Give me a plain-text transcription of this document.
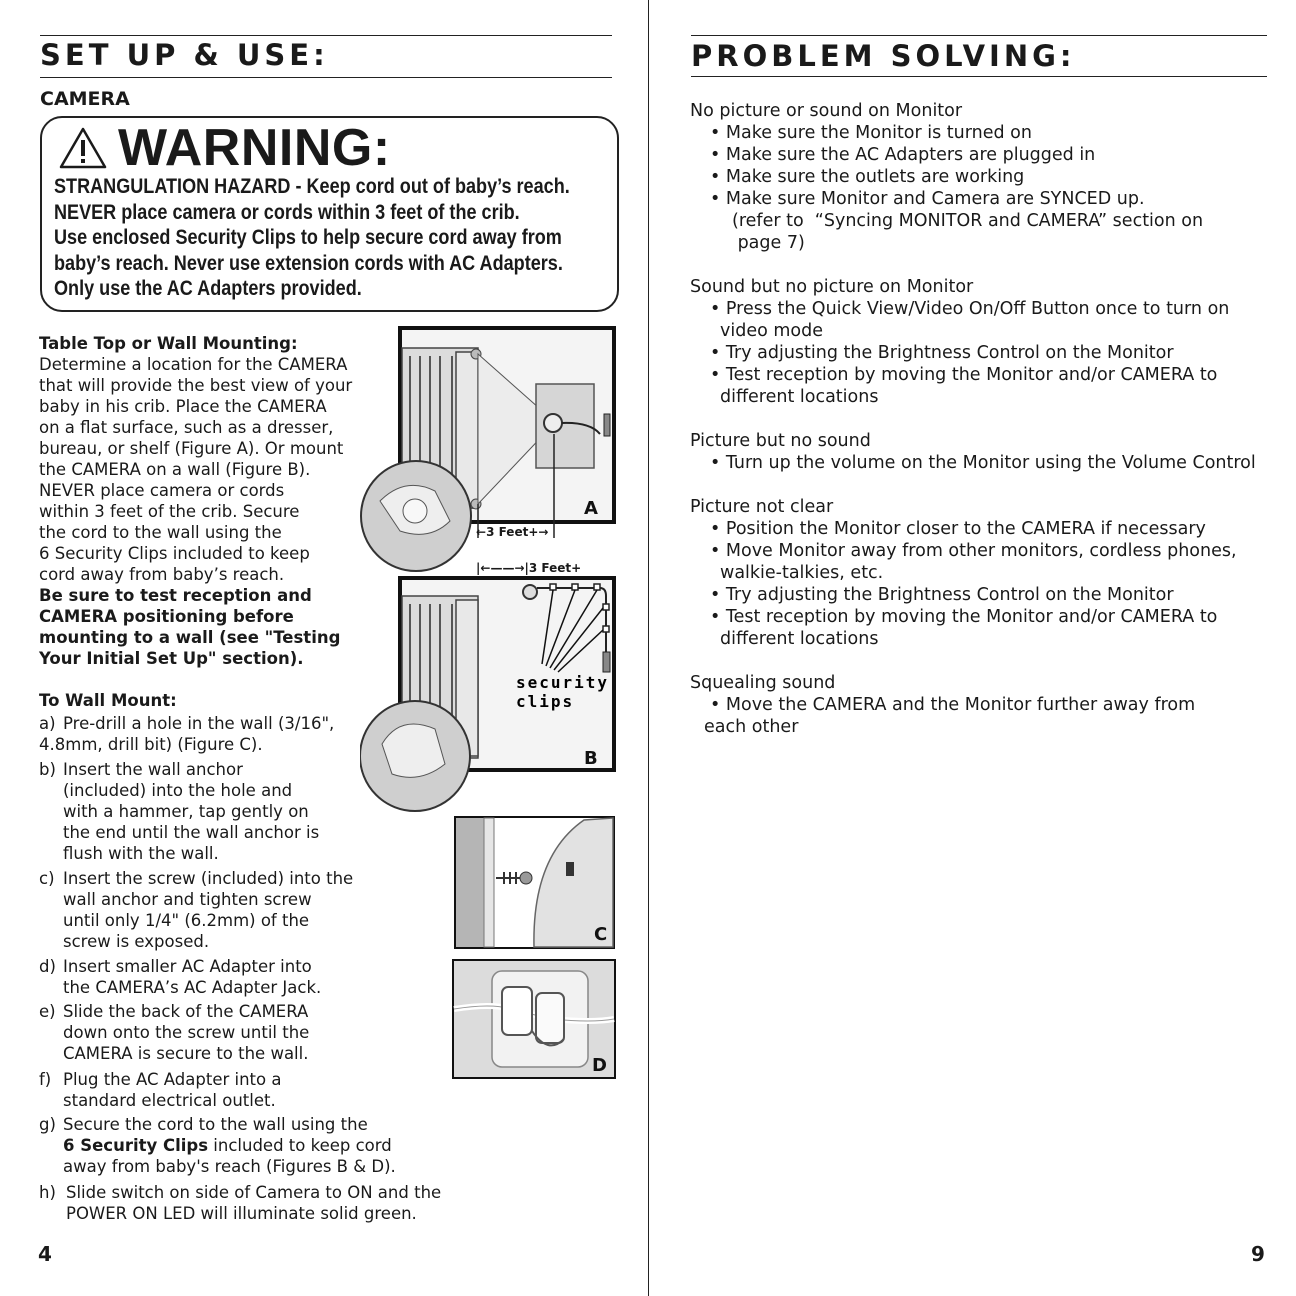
SET UP & USE:
CAMERA
WARNING:
STRANGULATION HAZARD - Keep cord out of baby’s reach.
NEVER place camera or cords within 3 feet of the crib.
Use enclosed Security Clips to help secure cord away from
baby’s reach. Never use extension cords with AC Adapters.
Only use the AC Adapters provided.
Table Top or Wall Mounting:
Determine a location for the CAMERA
that will provide the best view of your
baby in his crib. Place the CAMERA
on a flat surface, such as a dresser,
bureau, or shelf (Figure A). Or mount
the CAMERA on a wall (Figure B).
NEVER place camera or cords
within 3 feet of the crib. Secure
the cord to the wall using the
6 Security Clips included to keep
cord away from baby’s reach.
Be sure to test reception and
CAMERA positioning before
mounting to a wall (see "Testing
Your Initial Set Up" section).
To Wall Mount:
a) Pre-drill a hole in the wall (3/16",
4.8mm, drill bit) (Figure C).
b) Insert the wall anchor
(included) into the hole and
with a hammer, tap gently on
the end until the wall anchor is
flush with the wall.
c) Insert the screw (included) into the
wall anchor and tighten screw
until only 1/4" (6.2mm) of the
screw is exposed.
d) Insert smaller AC Adapter into
the CAMERA’s AC Adapter Jack.
e) Slide the back of the CAMERA
down onto the screw until the
CAMERA is secure to the wall.
f) Plug the AC Adapter into a
standard electrical outlet.
g) Secure the cord to the wall using the
6 Security Clips included to keep cord
away from baby's reach (Figures B & D).
h) Slide switch on side of Camera to ON and the
POWER ON LED will illuminate solid green.
A
←3 Feet+→
|←——→|3 Feet+
security
clips
B
C
D
4
PROBLEM SOLVING:
9
No picture or sound on Monitor
• Make sure the Monitor is turned on
• Make sure the AC Adapters are plugged in
• Make sure the outlets are working
• Make sure Monitor and Camera are SYNCED up.
(refer to  “Syncing MONITOR and CAMERA” section on
page 7)
Sound but no picture on Monitor
• Press the Quick View/Video On/Off Button once to turn on
video mode
• Try adjusting the Brightness Control on the Monitor
• Test reception by moving the Monitor and/or CAMERA to
different locations
Picture but no sound
• Turn up the volume on the Monitor using the Volume Control
Picture not clear
• Position the Monitor closer to the CAMERA if necessary
• Move Monitor away from other monitors, cordless phones,
walkie-talkies, etc.
• Try adjusting the Brightness Control on the Monitor
• Test reception by moving the Monitor and/or CAMERA to
different locations
Squealing sound
• Move the CAMERA and the Monitor further away from
each other
